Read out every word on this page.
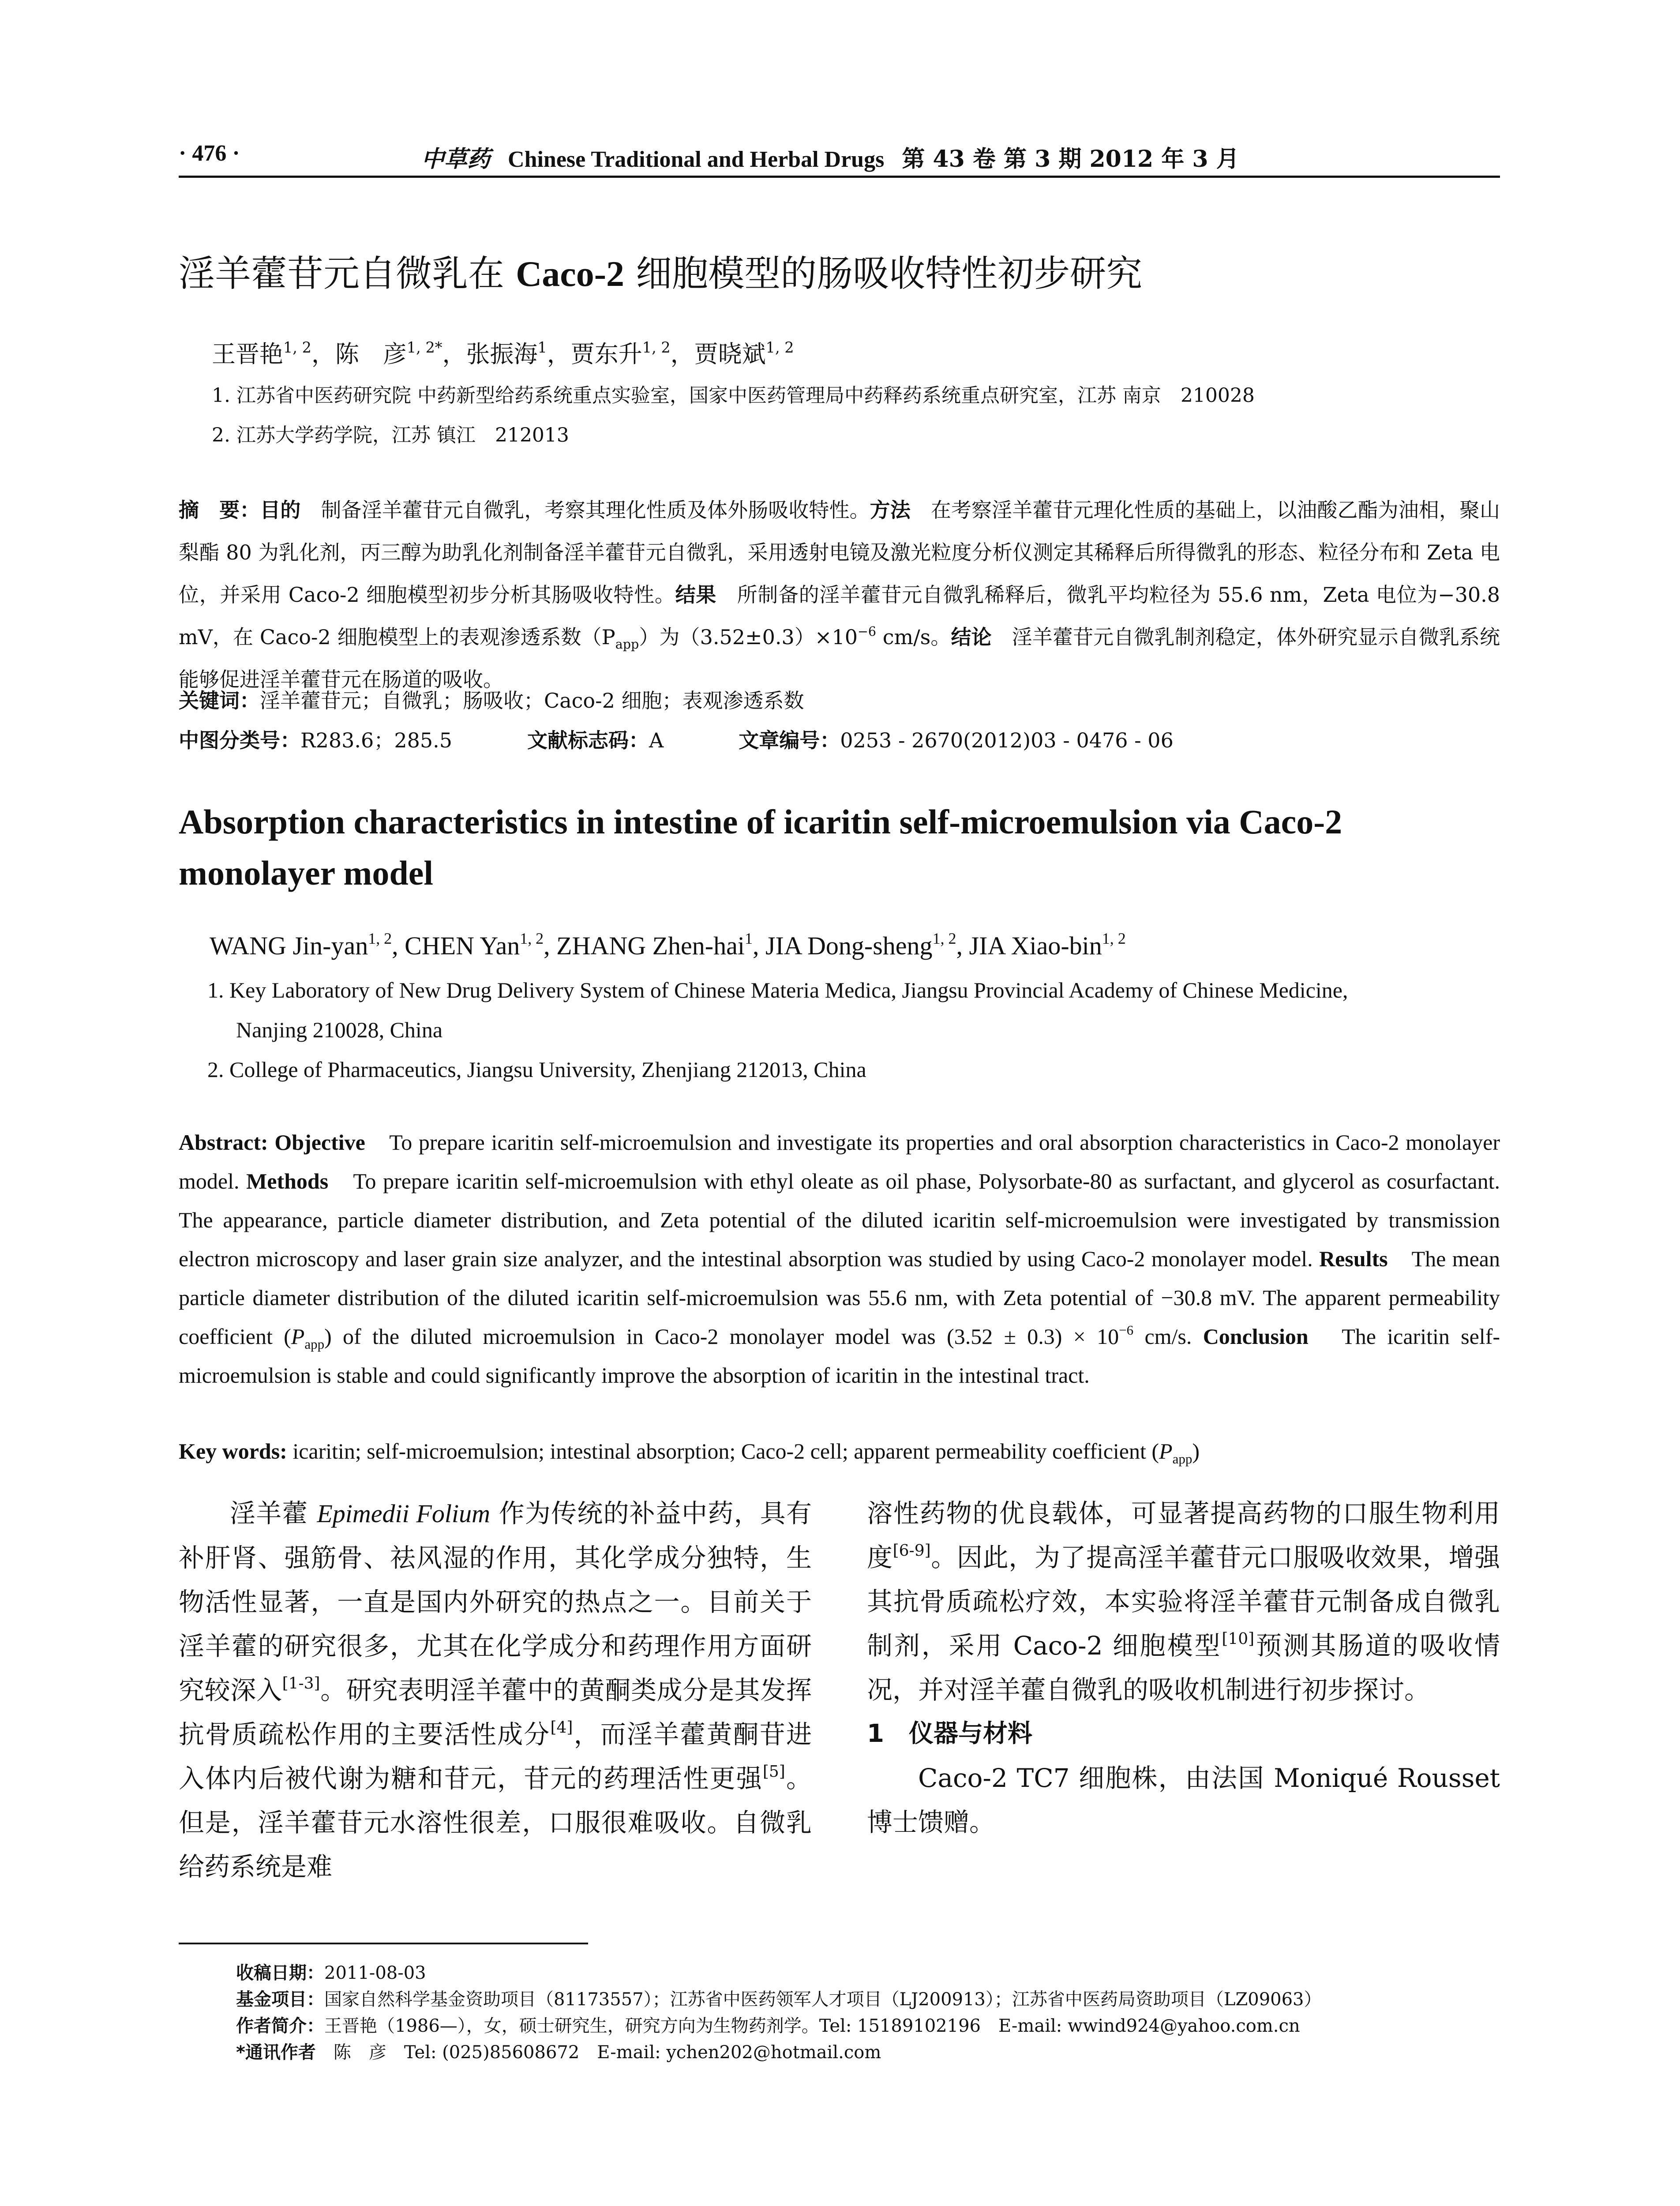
· 476 ·	中草药 Chinese Traditional and Herbal Drugs 第 43 卷 第 3 期 2012 年 3 月
淫羊藿苷元自微乳在 Caco-2 细胞模型的肠吸收特性初步研究
王晋艳$^{1, 2}$，陈　彦$^{1, 2*}$，张振海$^1$，贾东升$^{1, 2}$，贾晓斌$^{1, 2}$
1. 江苏省中医药研究院 中药新型给药系统重点实验室，国家中医药管理局中药释药系统重点研究室，江苏 南京　210028
2. 江苏大学药学院，江苏 镇江　212013
摘　要：目的　制备淫羊藿苷元自微乳，考察其理化性质及体外肠吸收特性。方法　在考察淫羊藿苷元理化性质的基础上，以油酸乙酯为油相，聚山梨酯 80 为乳化剂，丙三醇为助乳化剂制备淫羊藿苷元自微乳，采用透射电镜及激光粒度分析仪测定其稀释后所得微乳的形态、粒径分布和 Zeta 电位，并采用 Caco-2 细胞模型初步分析其肠吸收特性。结果　所制备的淫羊藿苷元自微乳稀释后，微乳平均粒径为 55.6 nm，Zeta 电位为−30.8 mV，在 Caco-2 细胞模型上的表观渗透系数$(P_{app})$为$(3.52\pm 0.3)\times 10^{-6}$ cm/s。结论　淫羊藿苷元自微乳制剂稳定，体外研究显示自微乳系统能够促进淫羊藿苷元在肠道的吸收。
关键词：淫羊藿苷元；自微乳；肠吸收；Caco-2 细胞；表观渗透系数
中图分类号：R283.6；285.5	文献标志码：A	文章编号：0253 - 2670(2012)03 - 0476 - 06
Absorption characteristics in intestine of icaritin self-microemulsion via Caco-2 monolayer model
WANG Jin-yan$^{1, 2}$, CHEN Yan$^{1, 2}$, ZHANG Zhen-hai$^1$, JIA Dong-sheng$^{1, 2}$, JIA Xiao-bin$^{1, 2}$
1. Key Laboratory of New Drug Delivery System of Chinese Materia Medica, Jiangsu Provincial Academy of Chinese Medicine,
Nanjing 210028, China
2. College of Pharmaceutics, Jiangsu University, Zhenjiang 212013, China
Abstract: Objective　To prepare icaritin self-microemulsion and investigate its properties and oral absorption characteristics in Caco-2 monolayer model. Methods　To prepare icaritin self-microemulsion with ethyl oleate as oil phase, Polysorbate-80 as surfactant, and glycerol as cosurfactant. The appearance, particle diameter distribution, and Zeta potential of the diluted icaritin self-microemulsion were investigated by transmission electron microscopy and laser grain size analyzer, and the intestinal absorption was studied by using Caco-2 monolayer model. Results　The mean particle diameter distribution of the diluted icaritin self-microemulsion was 55.6 nm, with Zeta potential of −30.8 mV. The apparent permeability coefficient $(P_{app})$ of the diluted microemulsion in Caco-2 monolayer model was $(3.52 \pm 0.3) \times 10^{-6}$ cm/s. Conclusion　The icaritin self-microemulsion is stable and could significantly improve the absorption of icaritin in the intestinal tract.
Key words: icaritin; self-microemulsion; intestinal absorption; Caco-2 cell; apparent permeability coefficient $(P_{app})$

淫羊藿 Epimedii Folium 作为传统的补益中药，具有补肝肾、强筋骨、祛风湿的作用，其化学成分独特，生物活性显著，一直是国内外研究的热点之一。目前关于淫羊藿的研究很多，尤其在化学成分和药理作用方面研究较深入[1-3]。研究表明淫羊藿中的黄酮类成分是其发挥抗骨质疏松作用的主要活性成分[4]，而淫羊藿黄酮苷进入体内后被代谢为糖和苷元，苷元的药理活性更强[5]。但是，淫羊藿苷元水溶性很差，口服很难吸收。自微乳给药系统是难

溶性药物的优良载体，可显著提高药物的口服生物利用度[6-9]。因此，为了提高淫羊藿苷元口服吸收效果，增强其抗骨质疏松疗效，本实验将淫羊藿苷元制备成自微乳制剂，采用 Caco-2 细胞模型[10]预测其肠道的吸收情况，并对淫羊藿自微乳的吸收机制进行初步探讨。

1　仪器与材料

Caco-2 TC7 细胞株，由法国 Moniqué Rousset 博士馈赠。

收稿日期：2011-08-03
基金项目：国家自然科学基金资助项目（81173557）；江苏省中医药领军人才项目（LJ200913）；江苏省中医药局资助项目（LZ09063）
作者简介：王晋艳（1986—），女，硕士研究生，研究方向为生物药剂学。Tel: 15189102196　E-mail: wwind924@yahoo.com.cn
*通讯作者　陈　彦　Tel: (025)85608672　E-mail: ychen202@hotmail.com
